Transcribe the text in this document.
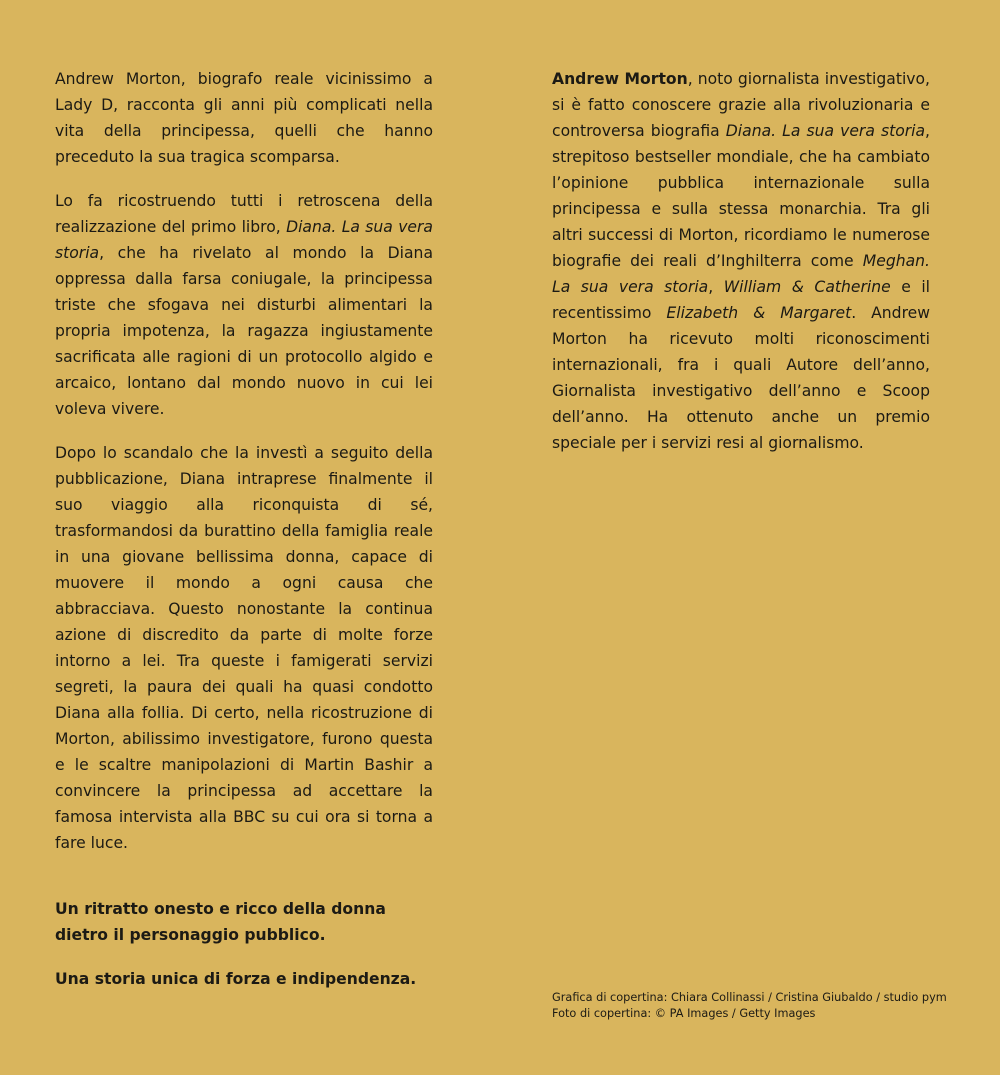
Andrew Morton, biografo reale vicinissimo a Lady D, racconta gli anni più complicati nella vita della principessa, quelli che hanno preceduto la sua tragica scomparsa.

Lo fa ricostruendo tutti i retroscena della realizzazione del primo libro, Diana. La sua vera storia, che ha rivelato al mondo la Diana oppressa dalla farsa coniugale, la principessa triste che sfogava nei disturbi alimentari la propria impotenza, la ragazza ingiustamente sacrificata alle ragioni di un protocollo algido e arcaico, lontano dal mondo nuovo in cui lei voleva vivere.

Dopo lo scandalo che la investì a seguito della pubblicazione, Diana intraprese finalmente il suo viaggio alla riconquista di sé, trasformandosi da burattino della famiglia reale in una giovane bellissima donna, capace di muovere il mondo a ogni causa che abbracciava. Questo nonostante la continua azione di discredito da parte di molte forze intorno a lei. Tra queste i famigerati servizi segreti, la paura dei quali ha quasi condotto Diana alla follia. Di certo, nella ricostruzione di Morton, abilissimo investigatore, furono questa e le scaltre manipolazioni di Martin Bashir a convincere la principessa ad accettare la famosa intervista alla BBC su cui ora si torna a fare luce.

Un ritratto onesto e ricco della donna dietro il personaggio pubblico.

Una storia unica di forza e indipendenza.

Andrew Morton, noto giornalista investigativo, si è fatto conoscere grazie alla rivoluzionaria e controversa biografia Diana. La sua vera storia, strepitoso bestseller mondiale, che ha cambiato l’opinione pubblica internazionale sulla principessa e sulla stessa monarchia. Tra gli altri successi di Morton, ricordiamo le numerose biografie dei reali d’Inghilterra come Meghan. La sua vera storia, William & Catherine e il recentissimo Elizabeth & Margaret. Andrew Morton ha ricevuto molti riconoscimenti internazionali, fra i quali Autore dell’anno, Giornalista investigativo dell’anno e Scoop dell’anno. Ha ottenuto anche un premio speciale per i servizi resi al giornalismo.

Grafica di copertina: Chiara Collinassi / Cristina Giubaldo / studio pym
Foto di copertina: © PA Images / Getty Images
